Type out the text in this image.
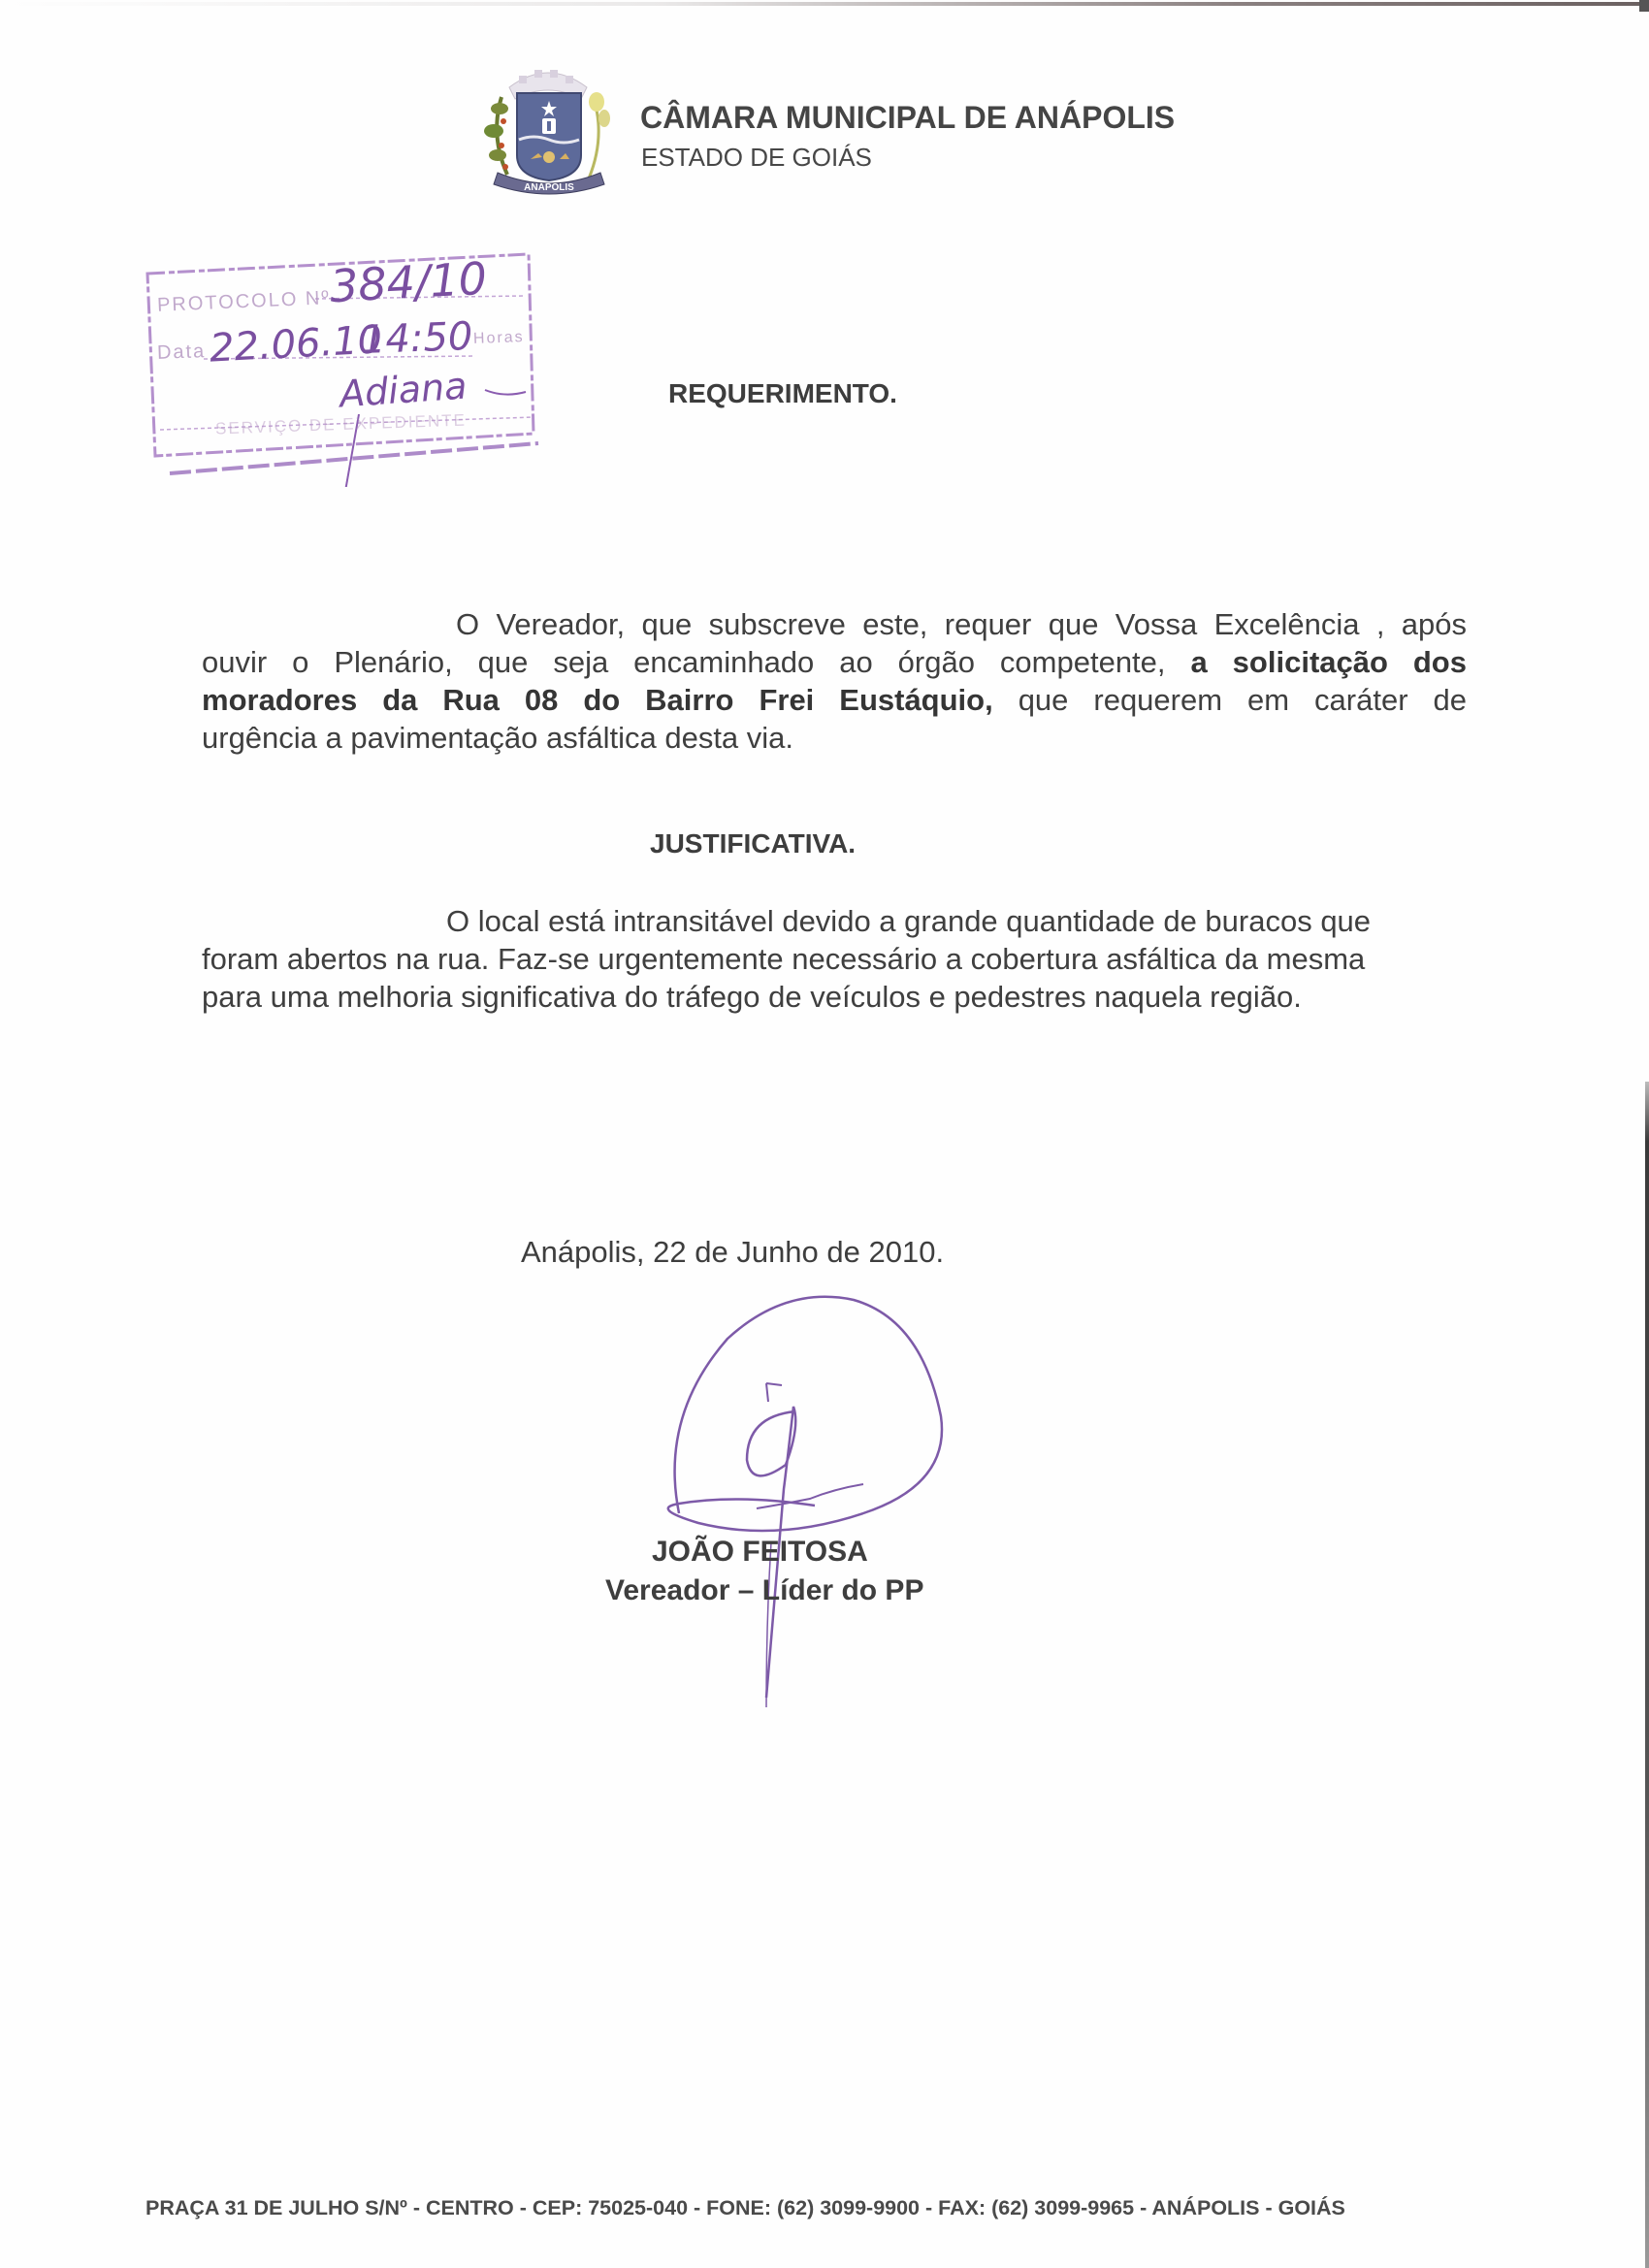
ANÁPOLIS
CÂMARA MUNICIPAL DE ANÁPOLIS
ESTADO DE GOIÁS
PROTOCOLO Nº
384/10
Data 22.06.10
14:50 Horas
Adiana
SERVIÇO DE EXPEDIENTE
REQUERIMENTO.
O Vereador, que subscreve este, requer que Vossa Excelência , após
ouvir o Plenário, que seja encaminhado ao órgão competente, a solicitação dos
moradores da Rua 08 do Bairro Frei Eustáquio, que requerem em caráter de
urgência a pavimentação asfáltica desta via.
JUSTIFICATIVA.
O local está intransitável devido a grande quantidade de buracos que
foram abertos na rua. Faz-se urgentemente necessário a cobertura asfáltica da mesma
para uma melhoria significativa do tráfego de veículos e pedestres naquela região.
Anápolis, 22 de Junho de 2010.
JOÃO FEITOSA
Vereador – Líder do PP
PRAÇA 31 DE JULHO S/Nº - CENTRO - CEP: 75025-040 - FONE: (62) 3099-9900 - FAX: (62) 3099-9965 - ANÁPOLIS - GOIÁS
